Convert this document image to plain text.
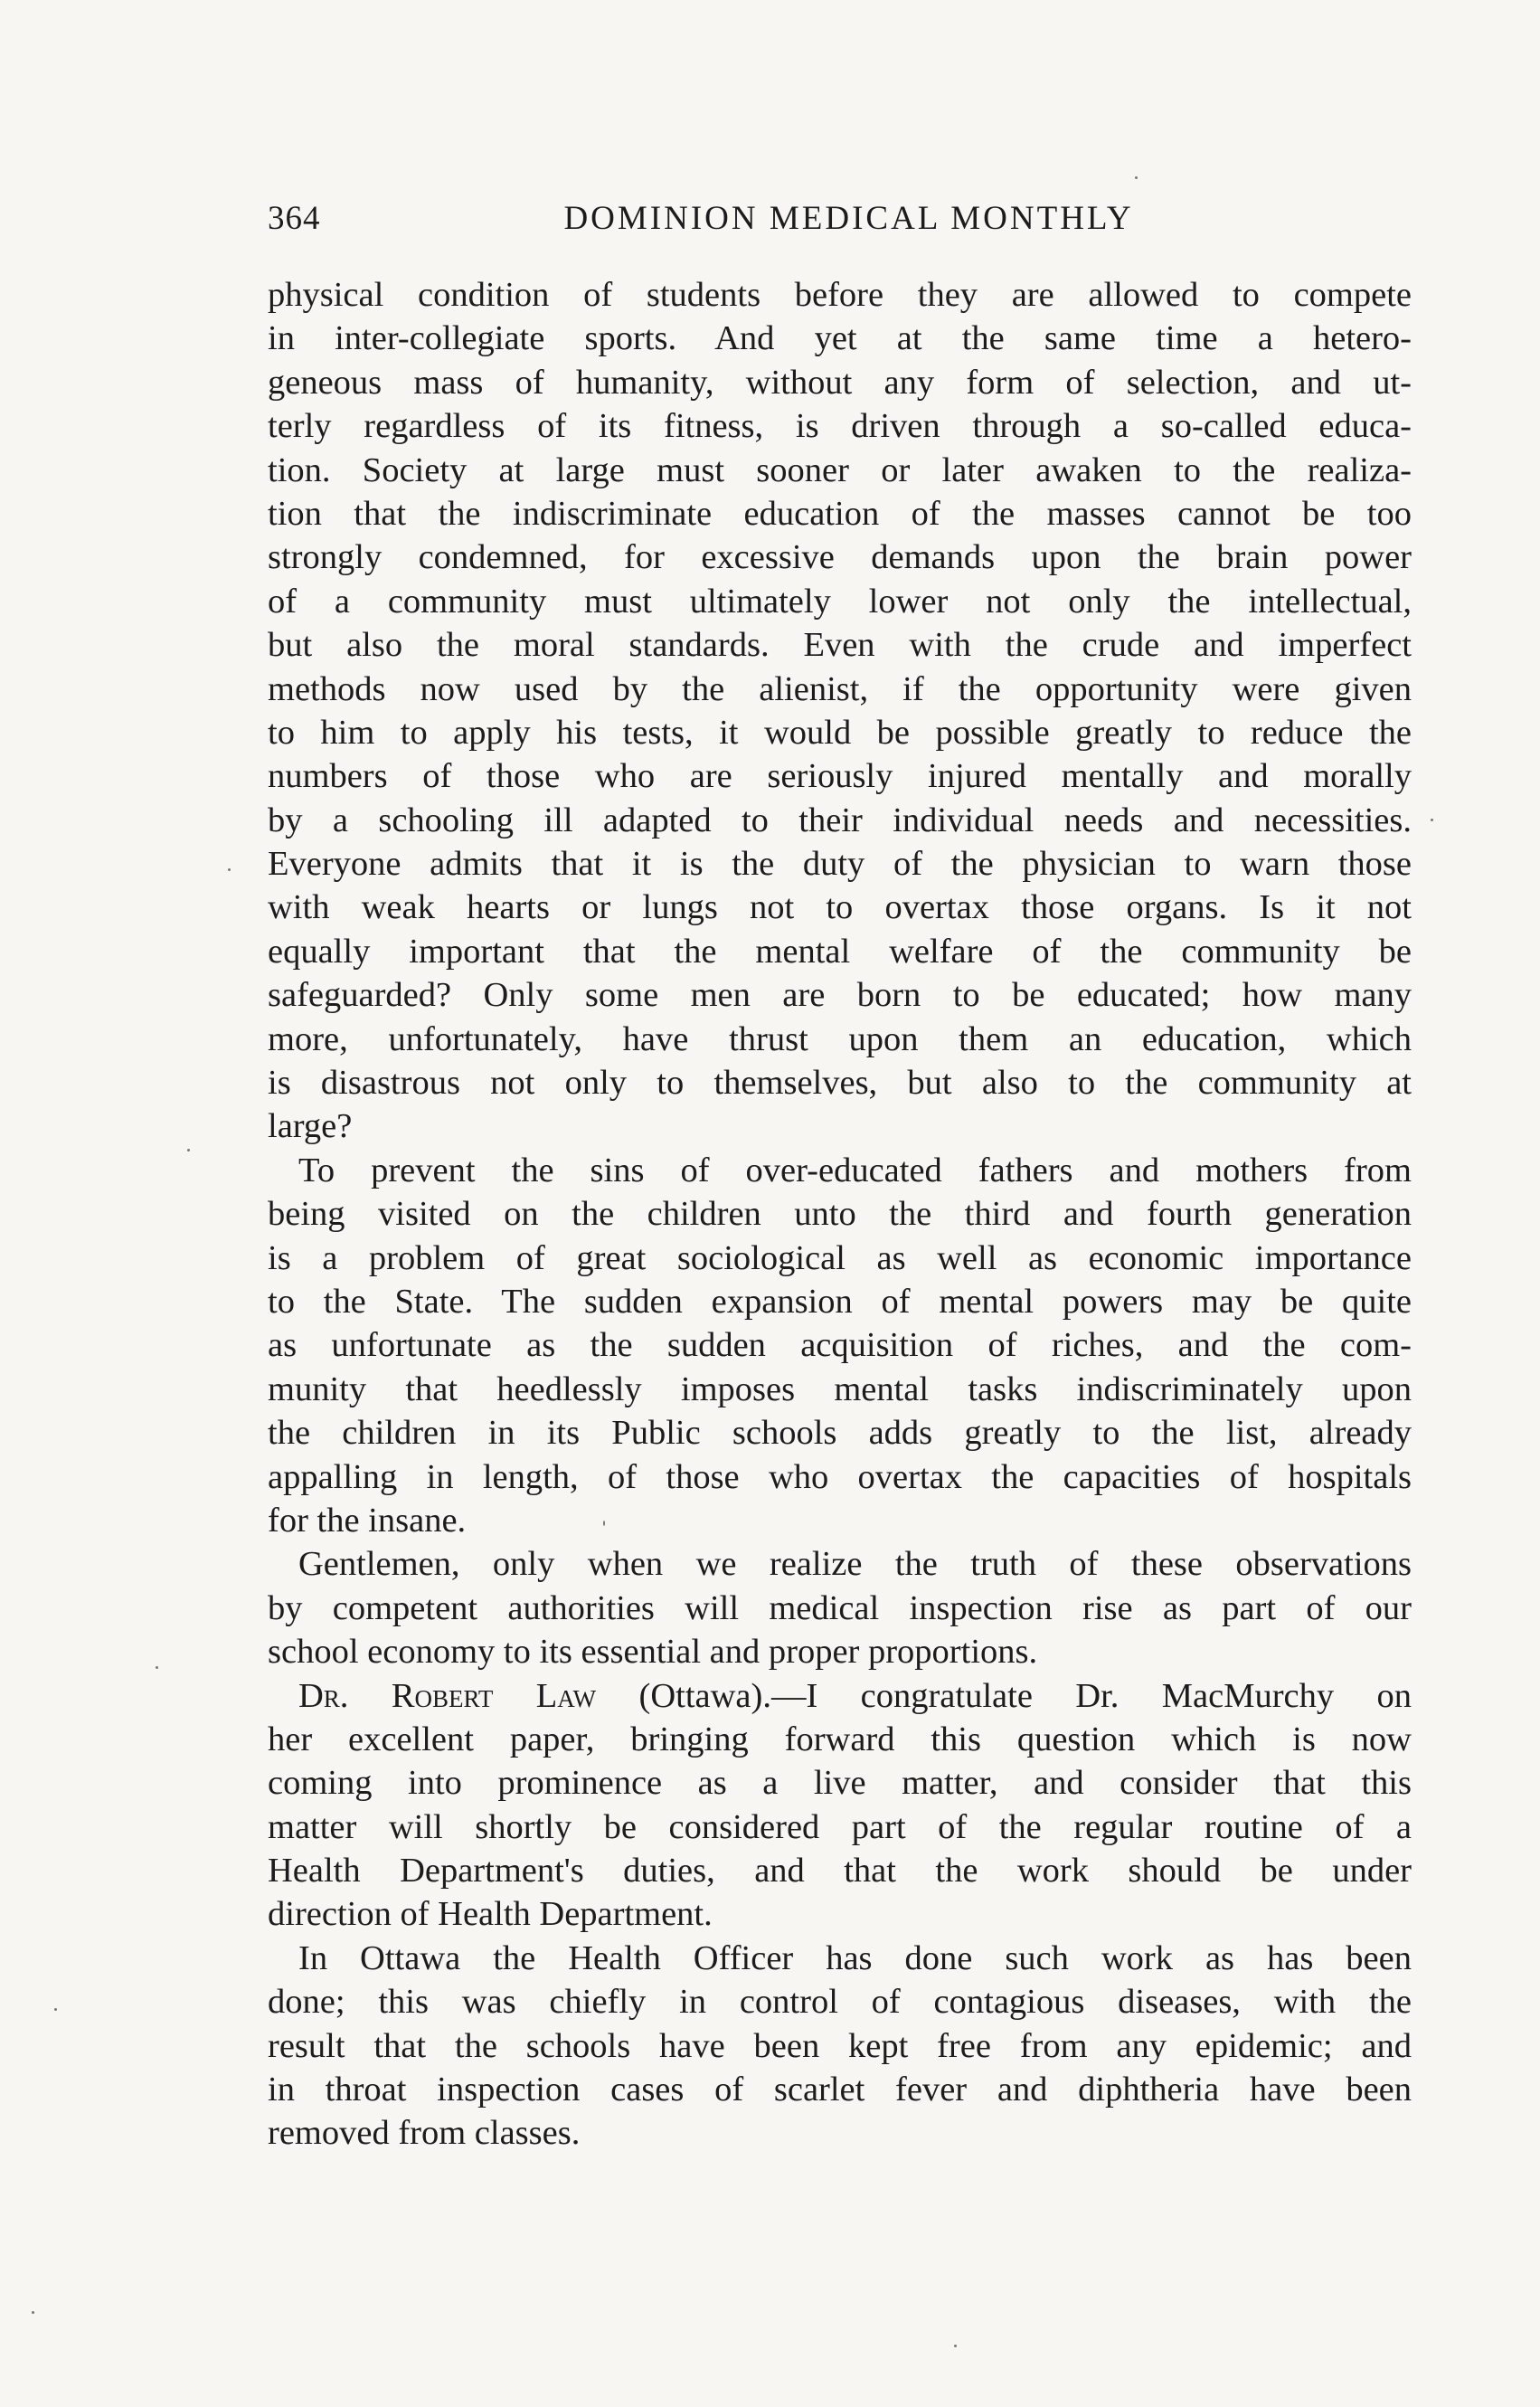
364	DOMINION MEDICAL MONTHLY
physical condition of students before they are allowed to compete
in inter-collegiate sports. And yet at the same time a hetero-
geneous mass of humanity, without any form of selection, and ut-
terly regardless of its fitness, is driven through a so-called educa-
tion. Society at large must sooner or later awaken to the realiza-
tion that the indiscriminate education of the masses cannot be too
strongly condemned, for excessive demands upon the brain power
of a community must ultimately lower not only the intellectual,
but also the moral standards. Even with the crude and imperfect
methods now used by the alienist, if the opportunity were given
to him to apply his tests, it would be possible greatly to reduce the
numbers of those who are seriously injured mentally and morally
by a schooling ill adapted to their individual needs and necessities.
Everyone admits that it is the duty of the physician to warn those
with weak hearts or lungs not to overtax those organs. Is it not
equally important that the mental welfare of the community be
safeguarded? Only some men are born to be educated; how many
more, unfortunately, have thrust upon them an education, which
is disastrous not only to themselves, but also to the community at
large?
To prevent the sins of over-educated fathers and mothers from
being visited on the children unto the third and fourth generation
is a problem of great sociological as well as economic importance
to the State. The sudden expansion of mental powers may be quite
as unfortunate as the sudden acquisition of riches, and the com-
munity that heedlessly imposes mental tasks indiscriminately upon
the children in its Public schools adds greatly to the list, already
appalling in length, of those who overtax the capacities of hospitals
for the insane.
Gentlemen, only when we realize the truth of these observations
by competent authorities will medical inspection rise as part of our
school economy to its essential and proper proportions.
Dr. Robert Law (Ottawa).—I congratulate Dr. MacMurchy on
her excellent paper, bringing forward this question which is now
coming into prominence as a live matter, and consider that this
matter will shortly be considered part of the regular routine of a
Health Department's duties, and that the work should be under
direction of Health Department.
In Ottawa the Health Officer has done such work as has been
done; this was chiefly in control of contagious diseases, with the
result that the schools have been kept free from any epidemic; and
in throat inspection cases of scarlet fever and diphtheria have been
removed from classes.
